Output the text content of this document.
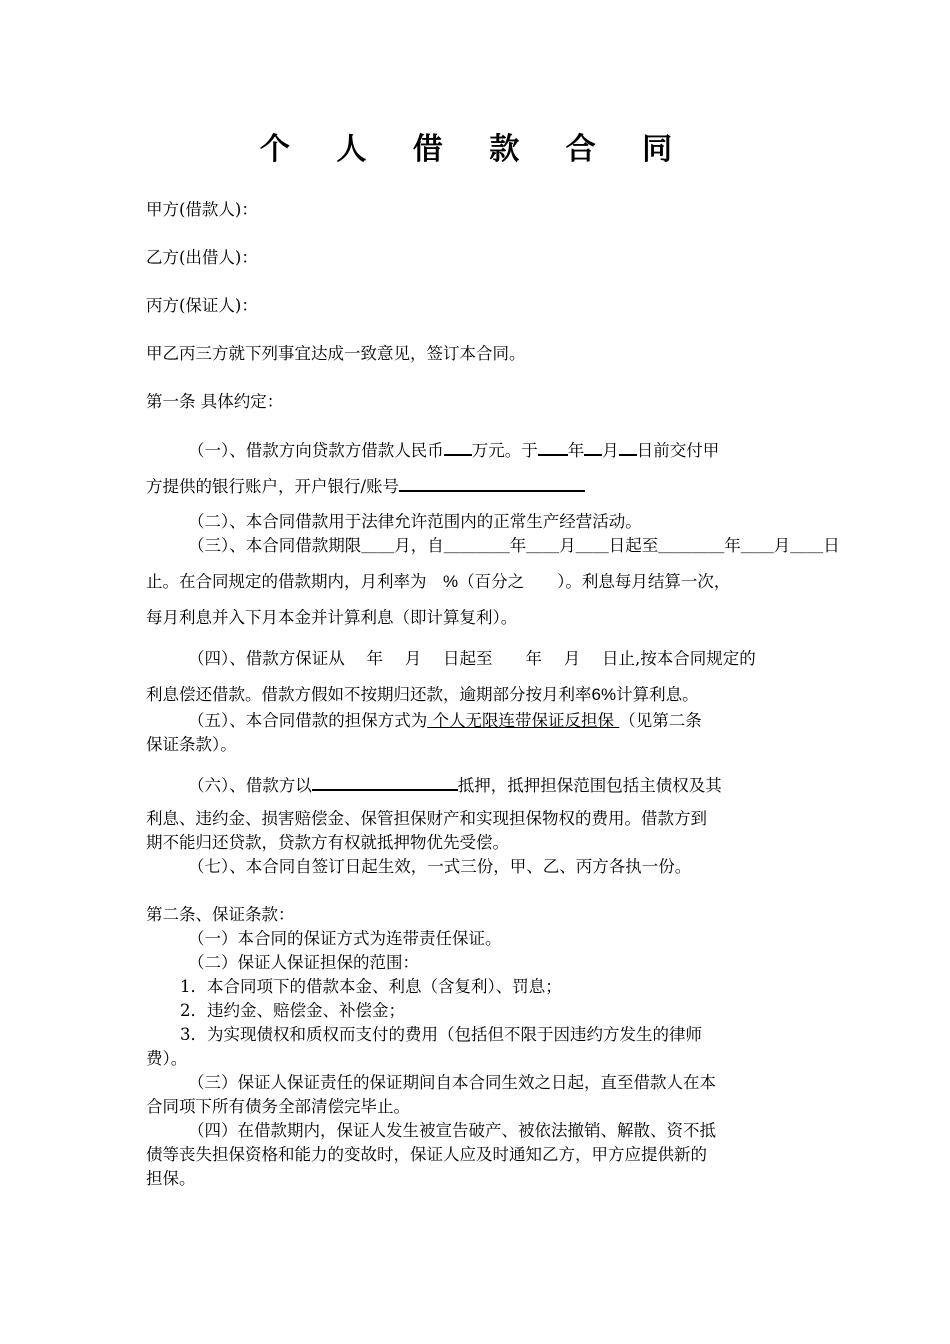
个 人 借 款 合 同
甲方(借款人)：
乙方(出借人)：
丙方(保证人)：
甲乙丙三方就下列事宜达成一致意见，签订本合同。
第一条 具体约定：
（一）、借款方向贷款方借款人民币 万元。于 年 月 日前交付甲
方提供的银行账户，开户银行/账号
（二）、本合同借款用于法律允许范围内的正常生产经营活动。
（三）、本合同借款期限＿＿月，自＿＿＿＿年＿＿月＿＿日起至＿＿＿＿年＿＿月＿＿日
止。在合同规定的借款期内，月利率为　%（百分之　　）。利息每月结算一次，
每月利息并入下月本金并计算利息（即计算复利）。
（四）、借款方保证从　 年　 月　 日起至　　年　 月　 日止,按本合同规定的
利息偿还借款。借款方假如不按期归还款，逾期部分按月利率6%计算利息。
（五）、本合同借款的担保方式为 个人无限连带保证反担保 （见第二条
保证条款）。
（六）、借款方以	抵押，抵押担保范围包括主债权及其
利息、违约金、损害赔偿金、保管担保财产和实现担保物权的费用。借款方到
期不能归还贷款，贷款方有权就抵押物优先受偿。
（七）、本合同自签订日起生效，一式三份，甲、乙、丙方各执一份。
第二条、保证条款：
（一）本合同的保证方式为连带责任保证。
（二）保证人保证担保的范围：
1．本合同项下的借款本金、利息（含复利）、罚息；
2．违约金、赔偿金、补偿金；
3．为实现债权和质权而支付的费用（包括但不限于因违约方发生的律师
费）。
（三）保证人保证责任的保证期间自本合同生效之日起，直至借款人在本
合同项下所有债务全部清偿完毕止。
（四）在借款期内，保证人发生被宣告破产、被依法撤销、解散、资不抵
债等丧失担保资格和能力的变故时，保证人应及时通知乙方，甲方应提供新的
担保。
